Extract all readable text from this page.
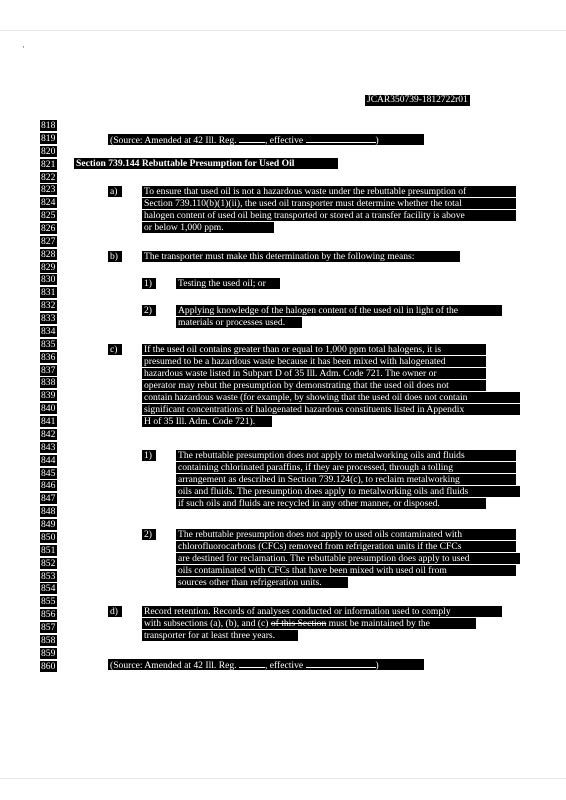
·
JCAR350739-1812722r01
818
819
820
821
822
823
824
825
826
827
828
829
830
831
832
833
834
835
836
837
838
839
840
841
842
843
844
845
846
847
848
849
850
851
852
853
854
855
856
857
858
859
860
(Source: Amended at 42 Ill. Reg.	, effective	)
Section 739.144 Rebuttable Presumption for Used Oil
a)	To ensure that used oil is not a hazardous waste under the rebuttable presumption of
Section 739.110(b)(1)(ii), the used oil transporter must determine whether the total
halogen content of used oil being transported or stored at a transfer facility is above
or below 1,000 ppm.
b)	The transporter must make this determination by the following means:
1)	Testing the used oil; or
2)	Applying knowledge of the halogen content of the used oil in light of the
materials or processes used.
c)	If the used oil contains greater than or equal to 1,000 ppm total halogens, it is
presumed to be a hazardous waste because it has been mixed with halogenated
hazardous waste listed in Subpart D of 35 Ill. Adm. Code 721. The owner or
operator may rebut the presumption by demonstrating that the used oil does not
contain hazardous waste (for example, by showing that the used oil does not contain
significant concentrations of halogenated hazardous constituents listed in Appendix
H of 35 Ill. Adm. Code 721).
1)	The rebuttable presumption does not apply to metalworking oils and fluids
containing chlorinated paraffins, if they are processed, through a tolling
arrangement as described in Section 739.124(c), to reclaim metalworking
oils and fluids. The presumption does apply to metalworking oils and fluids
if such oils and fluids are recycled in any other manner, or disposed.
2)	The rebuttable presumption does not apply to used oils contaminated with
chlorofluorocarbons (CFCs) removed from refrigeration units if the CFCs
are destined for reclamation. The rebuttable presumption does apply to used
oils contaminated with CFCs that have been mixed with used oil from
sources other than refrigeration units.
d)	Record retention. Records of analyses conducted or information used to comply
with subsections (a), (b), and (c) of this Section must be maintained by the
transporter for at least three years.
(Source: Amended at 42 Ill. Reg.	, effective	)
